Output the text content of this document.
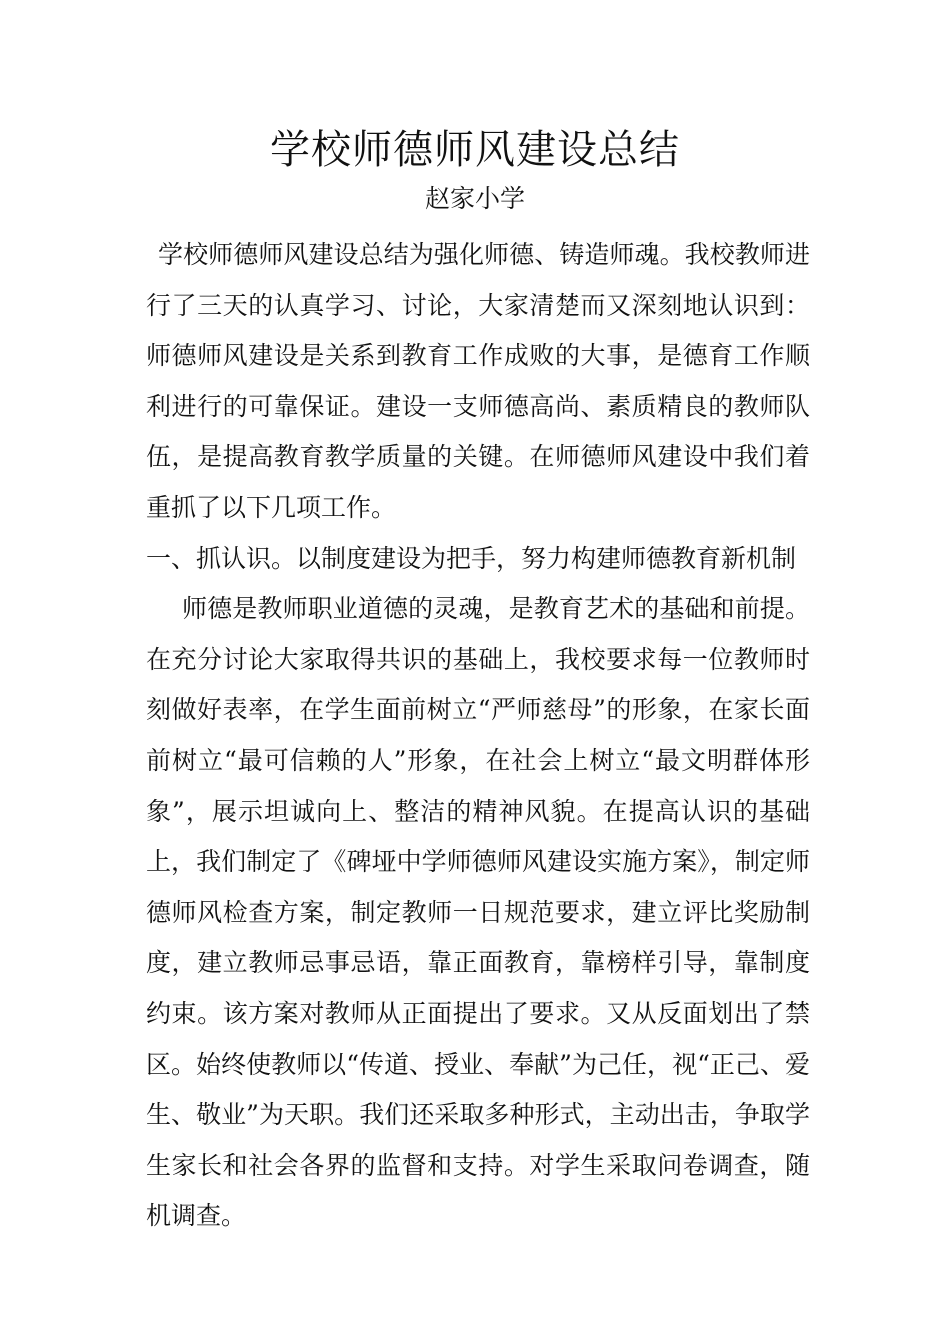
学校师德师风建设总结
赵家小学

学校师德师风建设总结为强化师德、铸造师魂。我校教师进行了三天的认真学习、讨论，大家清楚而又深刻地认识到：师德师风建设是关系到教育工作成败的大事，是德育工作顺利进行的可靠保证。建设一支师德高尚、素质精良的教师队伍，是提高教育教学质量的关键。在师德师风建设中我们着重抓了以下几项工作。

一、抓认识。以制度建设为把手，努力构建师德教育新机制

师德是教师职业道德的灵魂，是教育艺术的基础和前提。在充分讨论大家取得共识的基础上，我校要求每一位教师时刻做好表率，在学生面前树立“严师慈母”的形象，在家长面前树立“最可信赖的人”形象，在社会上树立“最文明群体形象”，展示坦诚向上、整洁的精神风貌。在提高认识的基础上，我们制定了《碑垭中学师德师风建设实施方案》，制定师德师风检查方案，制定教师一日规范要求，建立评比奖励制度，建立教师忌事忌语，靠正面教育，靠榜样引导，靠制度约束。该方案对教师从正面提出了要求。又从反面划出了禁区。始终使教师以“传道、授业、奉献”为己任，视“正己、爱生、敬业”为天职。我们还采取多种形式，主动出击，争取学生家长和社会各界的监督和支持。对学生采取问卷调查，随机调查。
